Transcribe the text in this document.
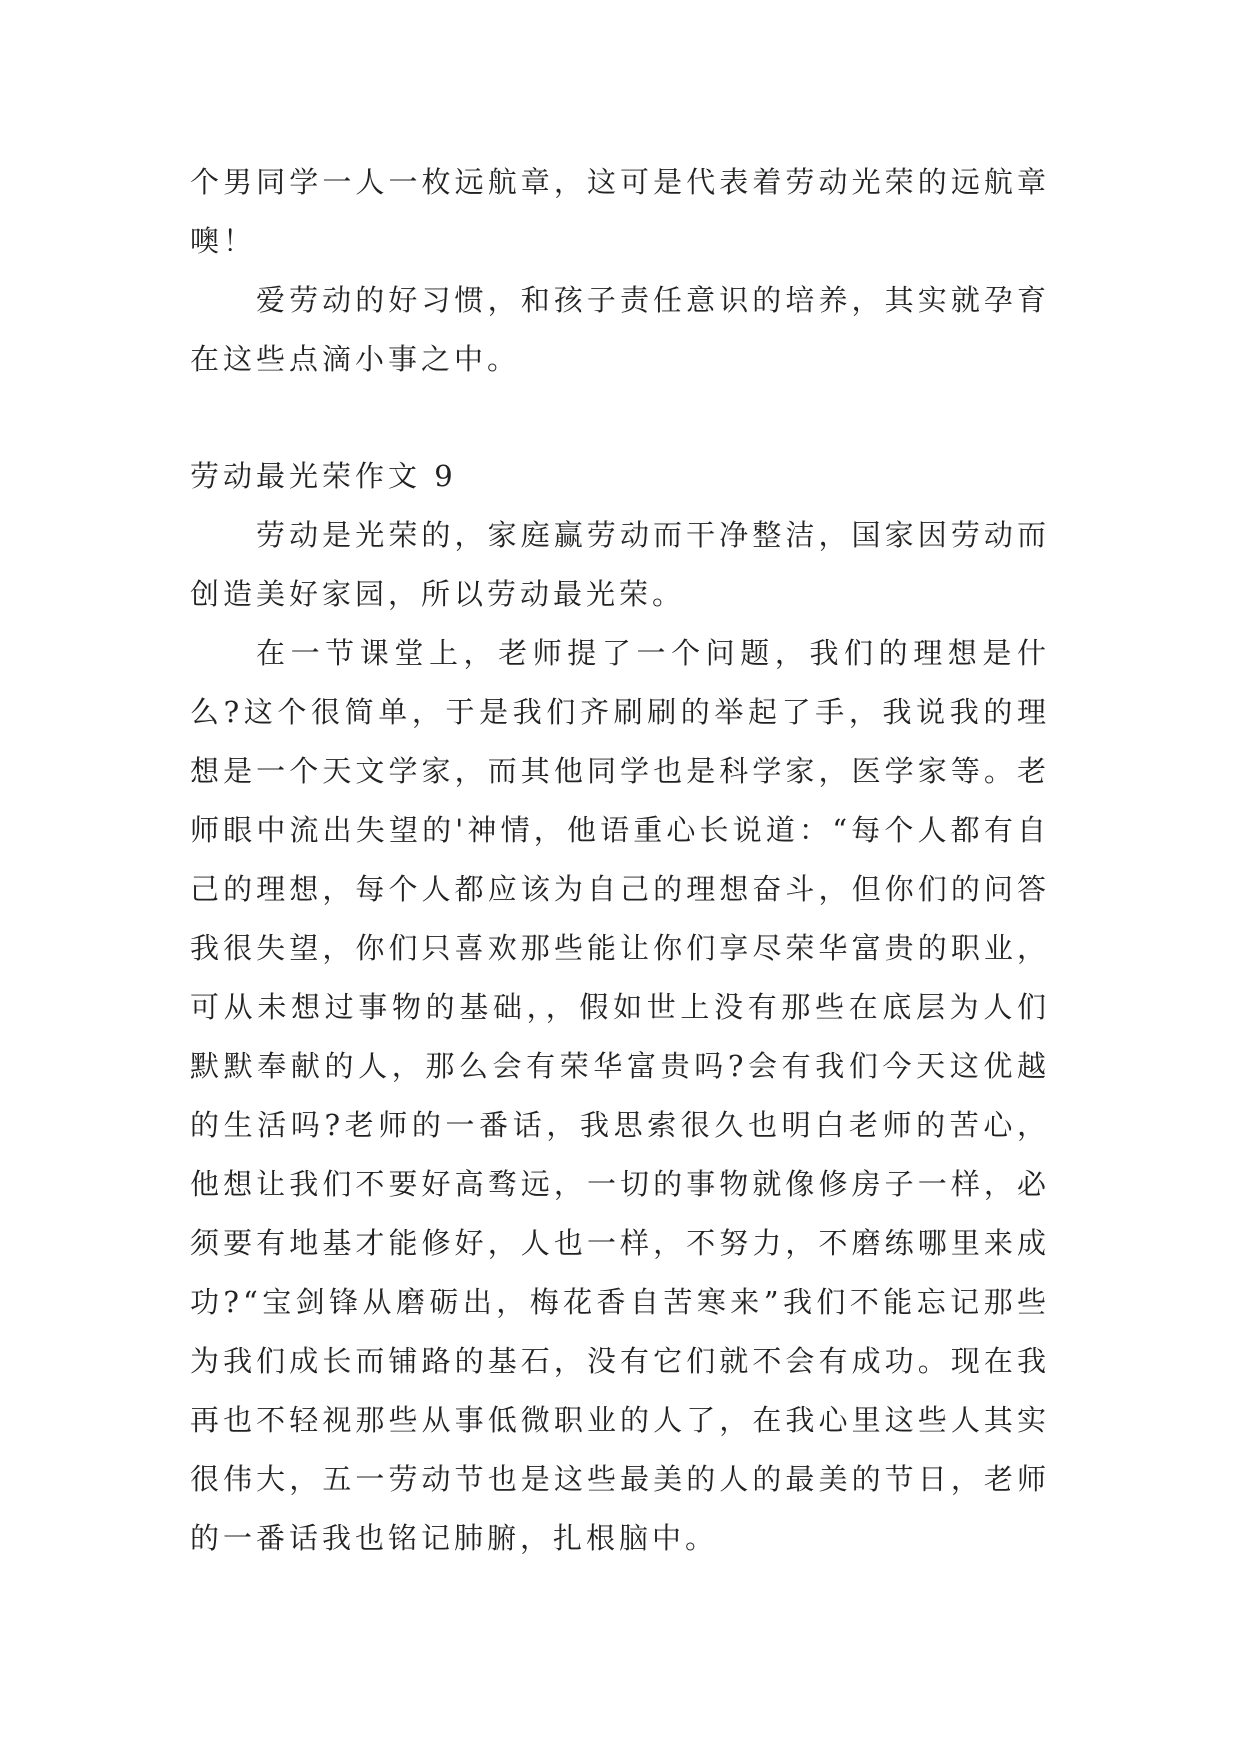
个男同学一人一枚远航章，这可是代表着劳动光荣的远航章噢！

爱劳动的好习惯，和孩子责任意识的培养，其实就孕育在这些点滴小事之中。

劳动最光荣作文 9

劳动是光荣的，家庭赢劳动而干净整洁，国家因劳动而创造美好家园，所以劳动最光荣。

在一节课堂上，老师提了一个问题，我们的理想是什么?这个很简单，于是我们齐刷刷的举起了手，我说我的理想是一个天文学家，而其他同学也是科学家，医学家等。老师眼中流出失望的'神情，他语重心长说道：“每个人都有自己的理想，每个人都应该为自己的理想奋斗，但你们的问答我很失望，你们只喜欢那些能让你们享尽荣华富贵的职业，可从未想过事物的基础，，假如世上没有那些在底层为人们默默奉献的人，那么会有荣华富贵吗?会有我们今天这优越的生活吗?老师的一番话，我思索很久也明白老师的苦心，他想让我们不要好高骛远，一切的事物就像修房子一样，必须要有地基才能修好，人也一样，不努力，不磨练哪里来成功?“宝剑锋从磨砺出，梅花香自苦寒来”我们不能忘记那些为我们成长而铺路的基石，没有它们就不会有成功。现在我再也不轻视那些从事低微职业的人了，在我心里这些人其实很伟大，五一劳动节也是这些最美的人的最美的节日，老师的一番话我也铭记肺腑，扎根脑中。
